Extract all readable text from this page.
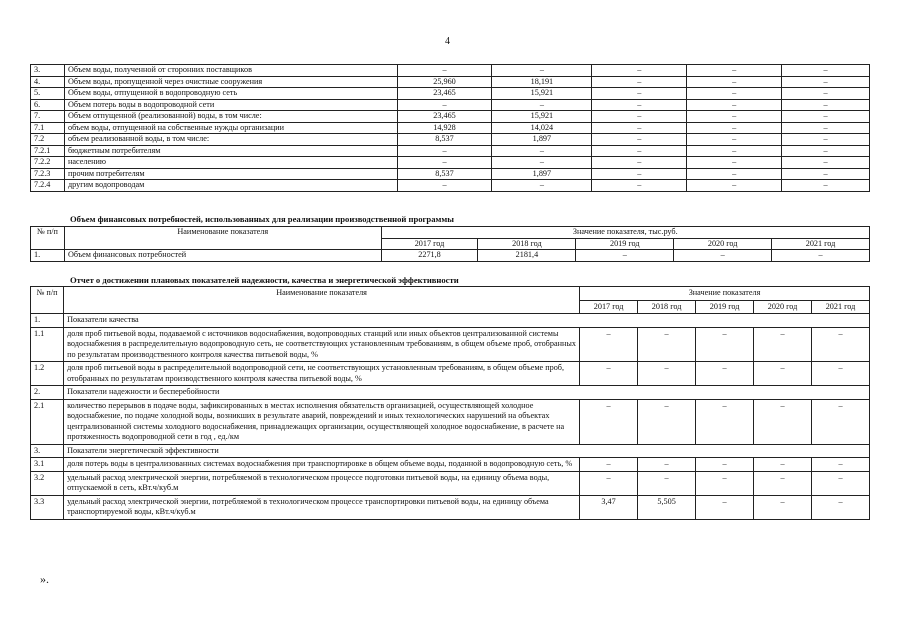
4
3.	Объем воды, полученной от сторонних поставщиков	–	–	–	–	–
4.	Объем воды, пропущенной через очистные сооружения	25,960	18,191	–	–	–
5.	Объем воды, отпущенной в водопроводную сеть	23,465	15,921	–	–	–
6.	Объем потерь воды в водопроводной сети	–	–	–	–	–
7.	Объем отпущенной (реализованной) воды, в том числе:	23,465	15,921	–	–	–
7.1	объем воды, отпущенной на собственные нужды организации	14,928	14,024	–	–	–
7.2	объем реализованной воды, в том числе:	8,537	1,897	–	–	–
7.2.1	бюджетным потребителям	–	–	–	–	–
7.2.2	населению	–	–	–	–	–
7.2.3	прочим потребителям	8,537	1,897	–	–	–
7.2.4	другим водопроводам	–	–	–	–	–
Объем финансовых потребностей, использованных для реализации производственной программы
№ п/п	Наименование показателя	Значение показателя, тыс.руб.				
		2017 год	2018 год	2019 год	2020 год	2021 год
1.	Объем финансовых потребностей	2271,8	2181,4	–	–	–
Отчет о достижении плановых показателей надежности, качества и энергетической эффективности
№ п/п	Наименование показателя	Значение показателя				
		2017 год	2018 год	2019 год	2020 год	2021 год
1.	Показатели качества					
1.1	доля проб питьевой воды, подаваемой с источников водоснабжения, водопроводных станций или иных объектов централизованной системы водоснабжения в распределительную водопроводную сеть, не соответствующих установленным требованиям, в общем объеме проб, отобранных по результатам производственного контроля качества питьевой воды, %	–	–	–	–	–
1.2	доля проб питьевой воды в распределительной водопроводной сети, не соответствующих установленным требованиям, в общем объеме проб, отобранных по результатам производственного контроля качества питьевой воды, %	–	–	–	–	–
2.	Показатели надежности и бесперебойности					
2.1	количество перерывов в подаче воды, зафиксированных в местах исполнения обязательств организацией, осуществляющей холодное водоснабжение, по подаче холодной воды, возникших в результате аварий, повреждений и иных технологических нарушений на объектах централизованной системы холодного водоснабжения, принадлежащих организации, осуществляющей холодное водоснабжение, в расчете на протяженность водопроводной сети в год , ед./км	–	–	–	–	–
3.	Показатели энергетической эффективности					
3.1	доля потерь воды в централизованных системах водоснабжения при транспортировке в общем объеме воды, поданной в водопроводную сеть, %	–	–	–	–	–
3.2	удельный расход электрической энергии, потребляемой в технологическом процессе подготовки питьевой воды, на единицу объема воды, отпускаемой в сеть, кВт.ч/куб.м	–	–	–	–	–
3.3	удельный расход электрической энергии, потребляемой в технологическом процессе транспортировки питьевой воды, на единицу объема транспортируемой воды, кВт.ч/куб.м	3,47	5,505	–	–	–
».
